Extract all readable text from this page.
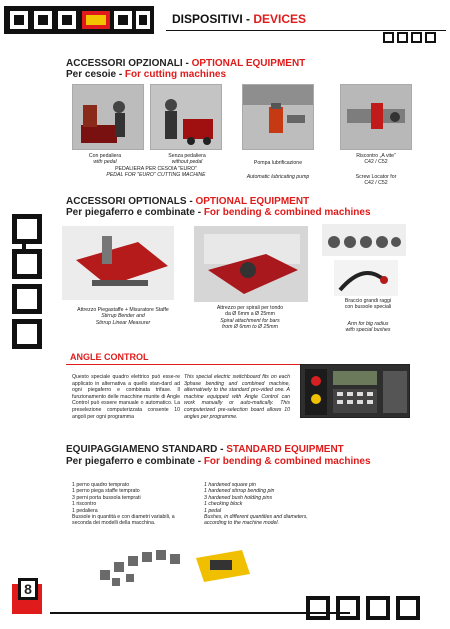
DISPOSITIVI - DEVICES
ACCESSORI OPZIONALI - OPTIONAL EQUIPMENT
Per cesoie - For cutting machines
Con pedaliera
with pedal
Senza pedaliera
without pedal
PEDALIERA PER CESOIA "EURO"
PEDAL FOR "EURO" CUTTING MACHINE
Pompa lubrificazione
Automatic lubricating pump
Riscontro „A vite”
C42 / C52
Screw Locator for
C42 / C52
ACCESSORI OPTIONALS - OPTIONAL EQUIPMENT
Per piegaferro e combinate - For bending & combined machines
Attrezzo Piegastaffe + Misuratore Staffe
Stirrup Bender and
Stirrup Linear Measurer
Attrezzo per spirali per tondo
da Ø 6mm a Ø 25mm
Spiral attachment for bars
from Ø 6mm to Ø 25mm
Braccio grandi raggi
con bussole speciali
Arm for big radius
with special bushes
ANGLE CONTROL
Questo speciale quadro elettrico può esse-re applicato in alternativa a quello stan-dard ad ogni piegaferro e combinata trifase. Il funzionamento delle macchine munite di Angle Control può essere manuale o automatico. La preselezione computerizzata consente 10 angoli per ogni programma
This special electric switchboard fits on each 3phase bending and combined machine, alternatively to the standard pro-vided one. A machine equipped with Angle Control can work manually or auto-matically. This computerized pre-selection board allows 10 angles per programme.
EQUIPAGGIAMENO STANDARD - STANDARD EQUIPMENT
Per piegaferro e combinate - For bending & combined machines
1 perno quadro temprato
1 perno piega staffe temprato
3 perni porta bussola temprati
1 riscontro
1 pedaliera
Bussole in quantità e con diametri variabili, a
seconda dei modelli della macchina.
1 hardened square pin
1 hardened stirrup bending pin
3 hardened bush holding pins
1 checking block
1 pedal
Bushes, in different quantities and diameters,
according to the machine model.
8
